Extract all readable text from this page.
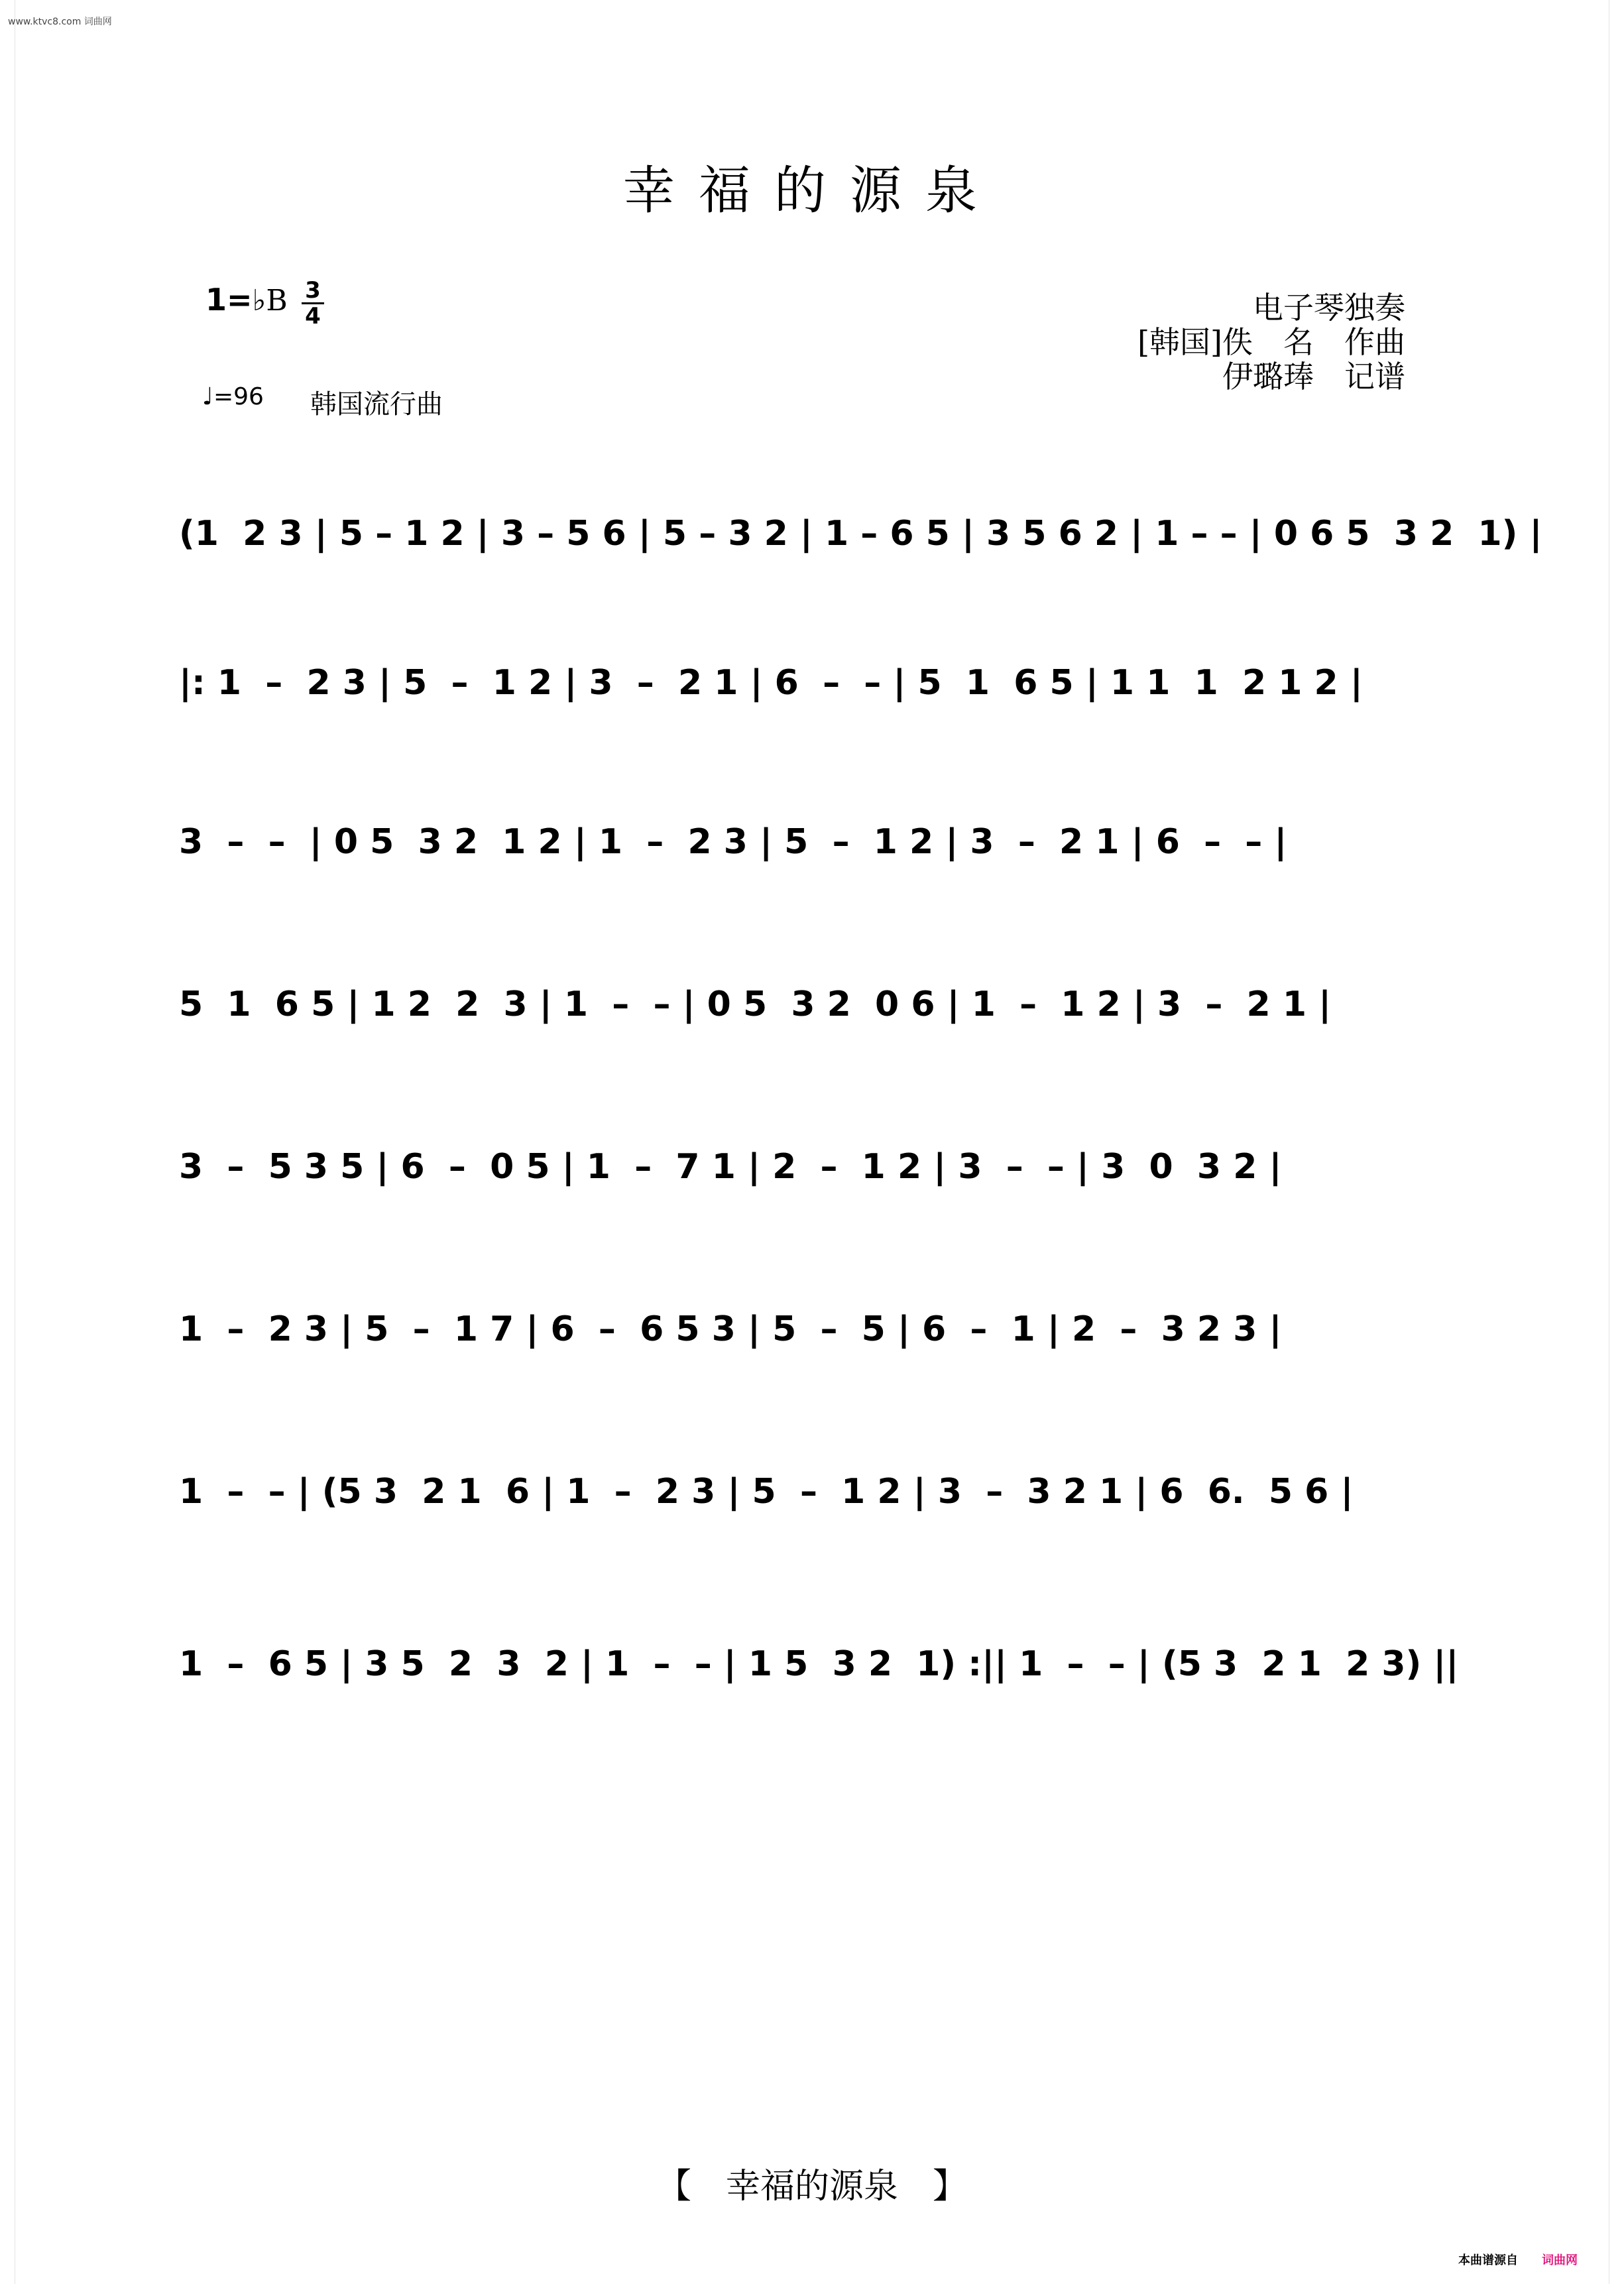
www.ktvc8.com 词曲网
幸福的源泉
1=♭B $\frac{3}{4}$
♩=96 韩国流行曲
电子琴独奏
[韩国]佚　名　作曲
伊璐琫　记谱
(1  2 3 | 5 – 1 2 | 3 – 5 6 | 5 – 3 2 | 1 – 6 5 | 3 5 6 2 | 1 – – | 0 6 5  3 2  1) |
|: 1  –  2 3 | 5  –  1 2 | 3  –  2 1 | 6  –  – | 5  1  6 5 | 1 1  1  2 1 2 |
3  –  –  | 0 5  3 2  1 2 | 1  –  2 3 | 5  –  1 2 | 3  –  2 1 | 6  –  – |
5  1  6 5 | 1 2  2  3 | 1  –  – | 0 5  3 2  0 6 | 1  –  1 2 | 3  –  2 1 |
3  –  5 3 5 | 6  –  0 5 | 1  –  7 1 | 2  –  1 2 | 3  –  – | 3  0  3 2 |
1  –  2 3 | 5  –  1 7 | 6  –  6 5 3 | 5  –  5 | 6  –  1 | 2  –  3 2 3 |
1  –  – | (5 3  2 1  6 | 1  –  2 3 | 5  –  1 2 | 3  –  3 2 1 | 6  6.  5 6 |
1  –  6 5 | 3 5  2  3  2 | 1  –  – | 1 5  3 2  1) :|| 1  –  – | (5 3  2 1  2 3) ||
【　幸福的源泉　】
本曲谱源自 词曲网
